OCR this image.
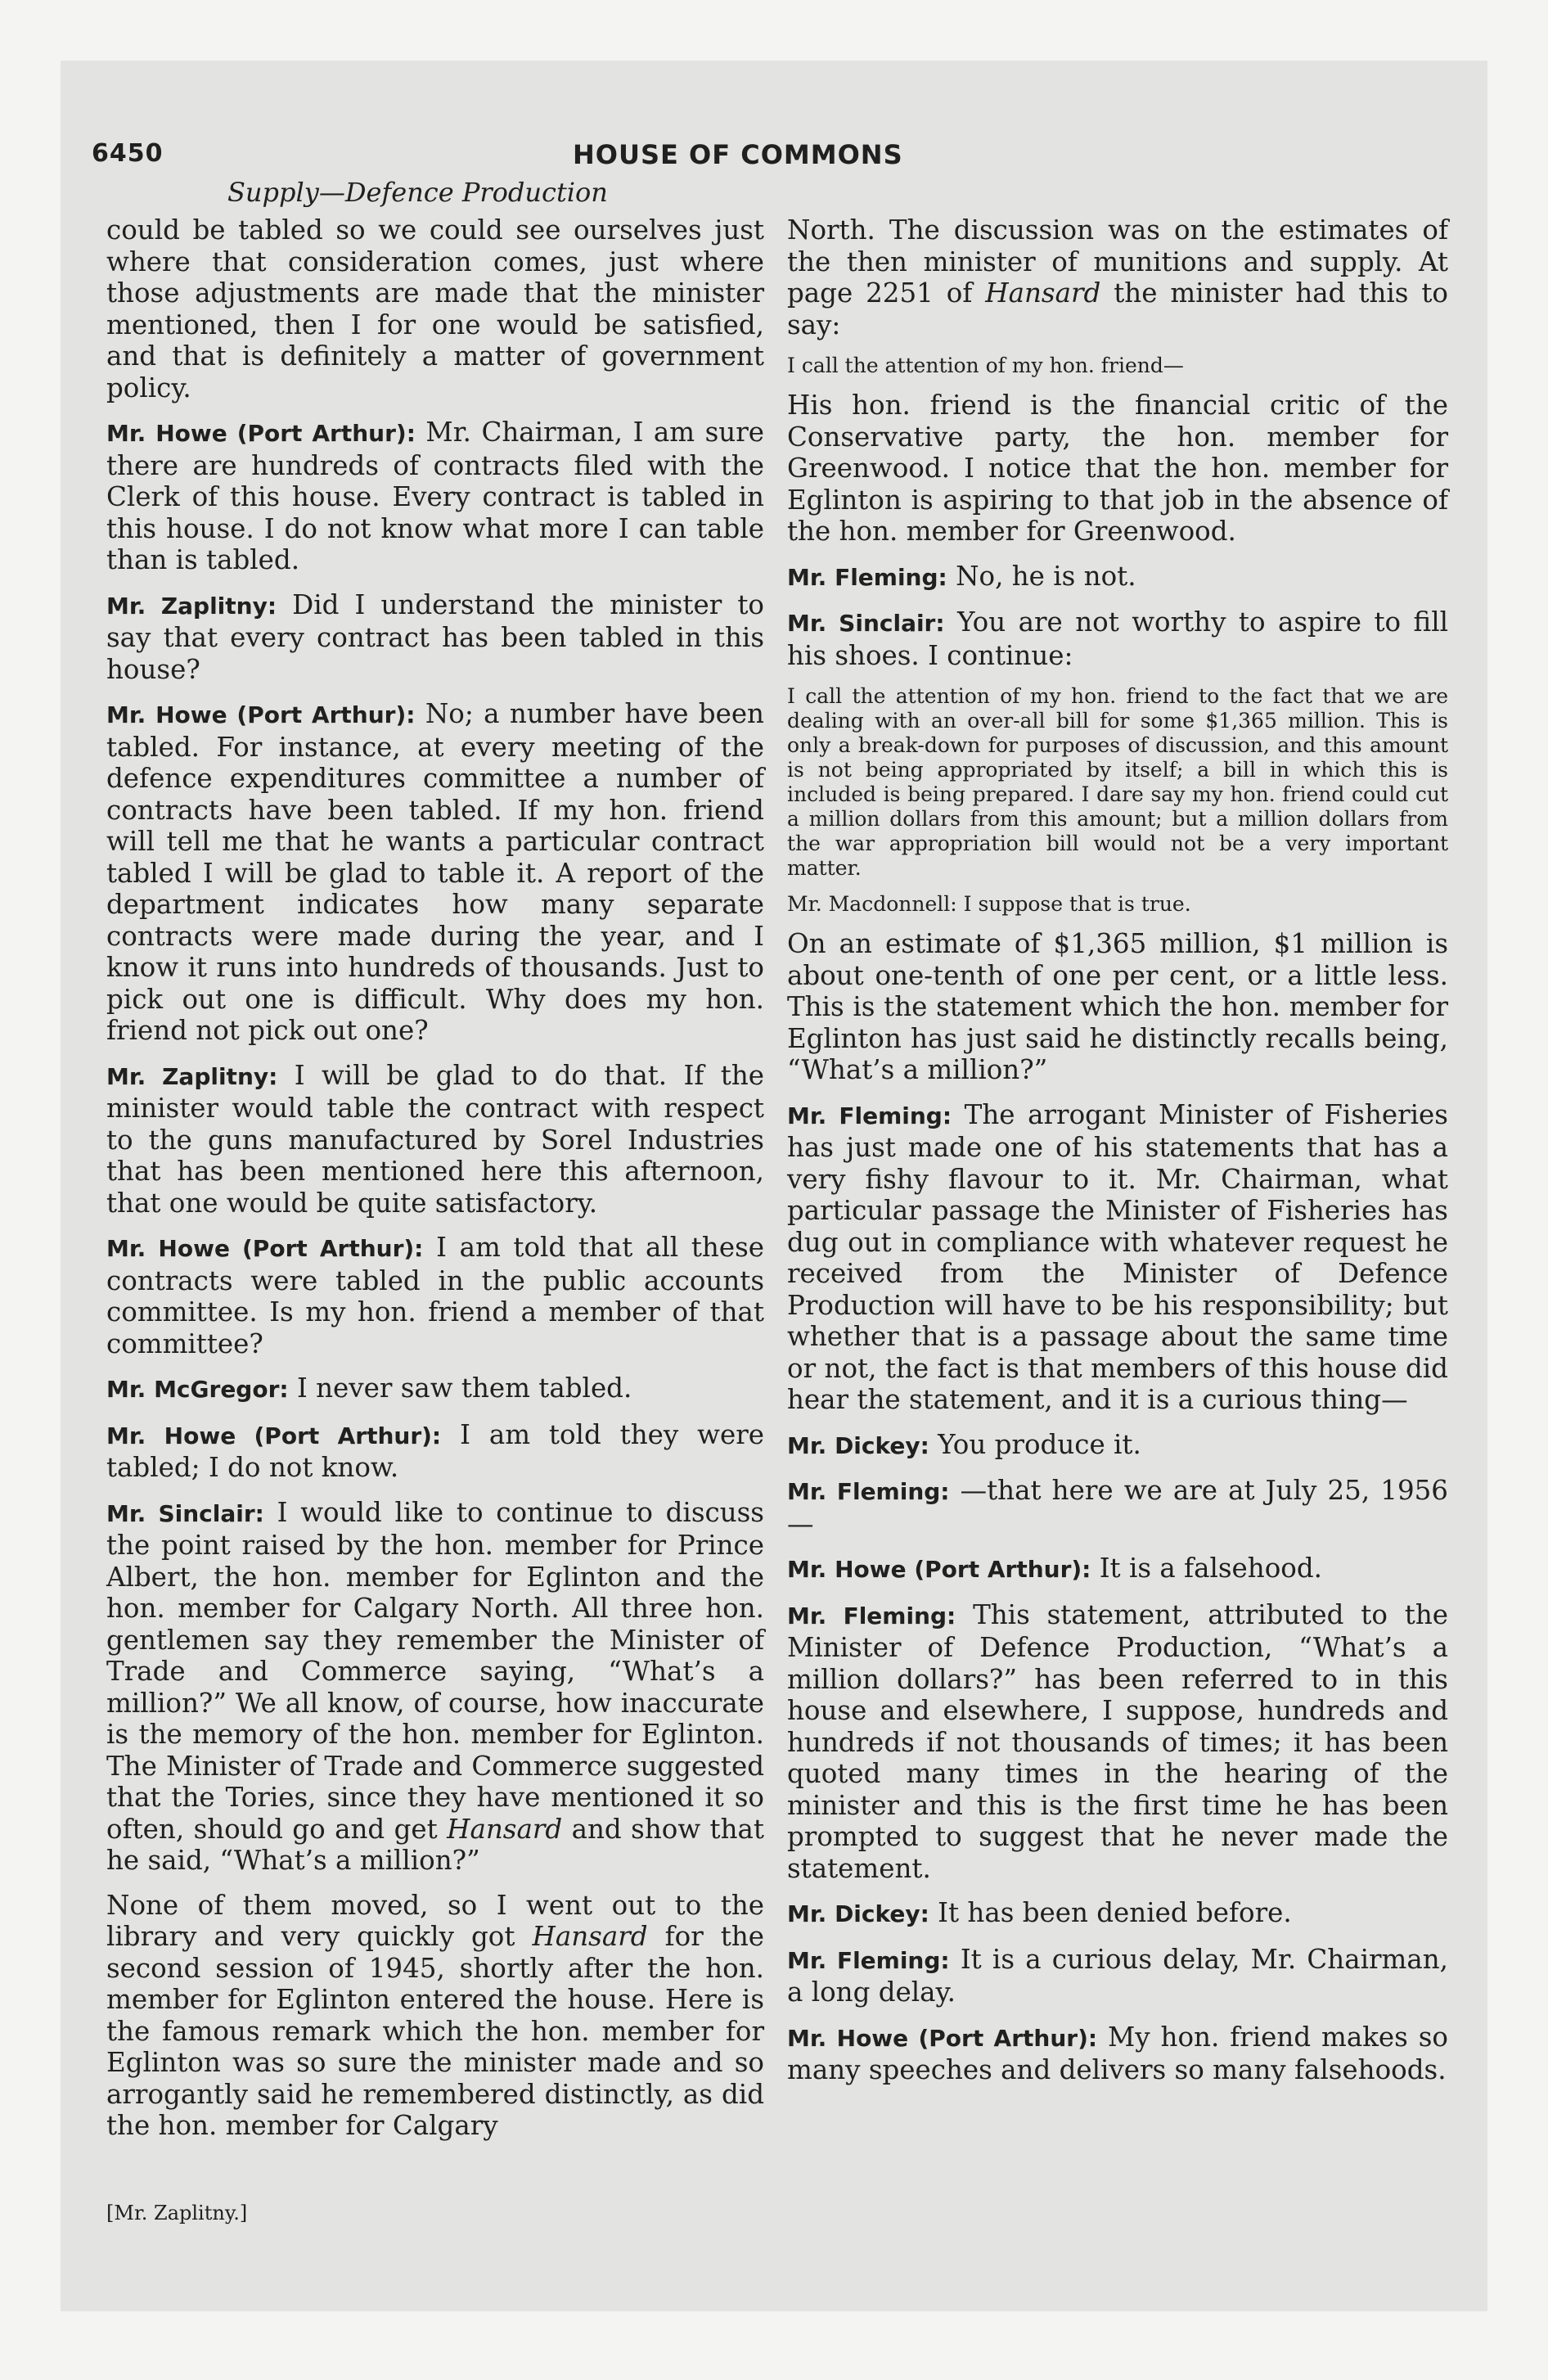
6450	HOUSE OF COMMONS
Supply—Defence Production

could be tabled so we could see ourselves just where that consideration comes, just where those adjustments are made that the minister mentioned, then I for one would be satisfied, and that is definitely a matter of government policy.

Mr. Howe (Port Arthur): Mr. Chairman, I am sure there are hundreds of contracts filed with the Clerk of this house. Every contract is tabled in this house. I do not know what more I can table than is tabled.

Mr. Zaplitny: Did I understand the minister to say that every contract has been tabled in this house?

Mr. Howe (Port Arthur): No; a number have been tabled. For instance, at every meeting of the defence expenditures committee a number of contracts have been tabled. If my hon. friend will tell me that he wants a particular contract tabled I will be glad to table it. A report of the department indicates how many separate contracts were made during the year, and I know it runs into hundreds of thousands. Just to pick out one is difficult. Why does my hon. friend not pick out one?

Mr. Zaplitny: I will be glad to do that. If the minister would table the contract with respect to the guns manufactured by Sorel Industries that has been mentioned here this afternoon, that one would be quite satisfactory.

Mr. Howe (Port Arthur): I am told that all these contracts were tabled in the public accounts committee. Is my hon. friend a member of that committee?

Mr. McGregor: I never saw them tabled.

Mr. Howe (Port Arthur): I am told they were tabled; I do not know.

Mr. Sinclair: I would like to continue to discuss the point raised by the hon. member for Prince Albert, the hon. member for Eglinton and the hon. member for Calgary North. All three hon. gentlemen say they remember the Minister of Trade and Commerce saying, “What’s a million?” We all know, of course, how inaccurate is the memory of the hon. member for Eglinton. The Minister of Trade and Commerce suggested that the Tories, since they have mentioned it so often, should go and get Hansard and show that he said, “What’s a million?”

None of them moved, so I went out to the library and very quickly got Hansard for the second session of 1945, shortly after the hon. member for Eglinton entered the house. Here is the famous remark which the hon. member for Eglinton was so sure the minister made and so arrogantly said he remembered distinctly, as did the hon. member for Calgary

North. The discussion was on the estimates of the then minister of munitions and supply. At page 2251 of Hansard the minister had this to say:

I call the attention of my hon. friend—

His hon. friend is the financial critic of the Conservative party, the hon. member for Greenwood. I notice that the hon. member for Eglinton is aspiring to that job in the absence of the hon. member for Greenwood.

Mr. Fleming: No, he is not.

Mr. Sinclair: You are not worthy to aspire to fill his shoes. I continue:

I call the attention of my hon. friend to the fact that we are dealing with an over-all bill for some $1,365 million. This is only a break-down for purposes of discussion, and this amount is not being appropriated by itself; a bill in which this is included is being prepared. I dare say my hon. friend could cut a million dollars from this amount; but a million dollars from the war appropriation bill would not be a very important matter.

Mr. Macdonnell: I suppose that is true.

On an estimate of $1,365 million, $1 million is about one-tenth of one per cent, or a little less. This is the statement which the hon. member for Eglinton has just said he distinctly recalls being, “What’s a million?”

Mr. Fleming: The arrogant Minister of Fisheries has just made one of his statements that has a very fishy flavour to it. Mr. Chairman, what particular passage the Minister of Fisheries has dug out in compliance with whatever request he received from the Minister of Defence Production will have to be his responsibility; but whether that is a passage about the same time or not, the fact is that members of this house did hear the statement, and it is a curious thing—

Mr. Dickey: You produce it.

Mr. Fleming: —that here we are at July 25, 1956—

Mr. Howe (Port Arthur): It is a falsehood.

Mr. Fleming: This statement, attributed to the Minister of Defence Production, “What’s a million dollars?” has been referred to in this house and elsewhere, I suppose, hundreds and hundreds if not thousands of times; it has been quoted many times in the hearing of the minister and this is the first time he has been prompted to suggest that he never made the statement.

Mr. Dickey: It has been denied before.

Mr. Fleming: It is a curious delay, Mr. Chairman, a long delay.

Mr. Howe (Port Arthur): My hon. friend makes so many speeches and delivers so many falsehoods.

[Mr. Zaplitny.]
